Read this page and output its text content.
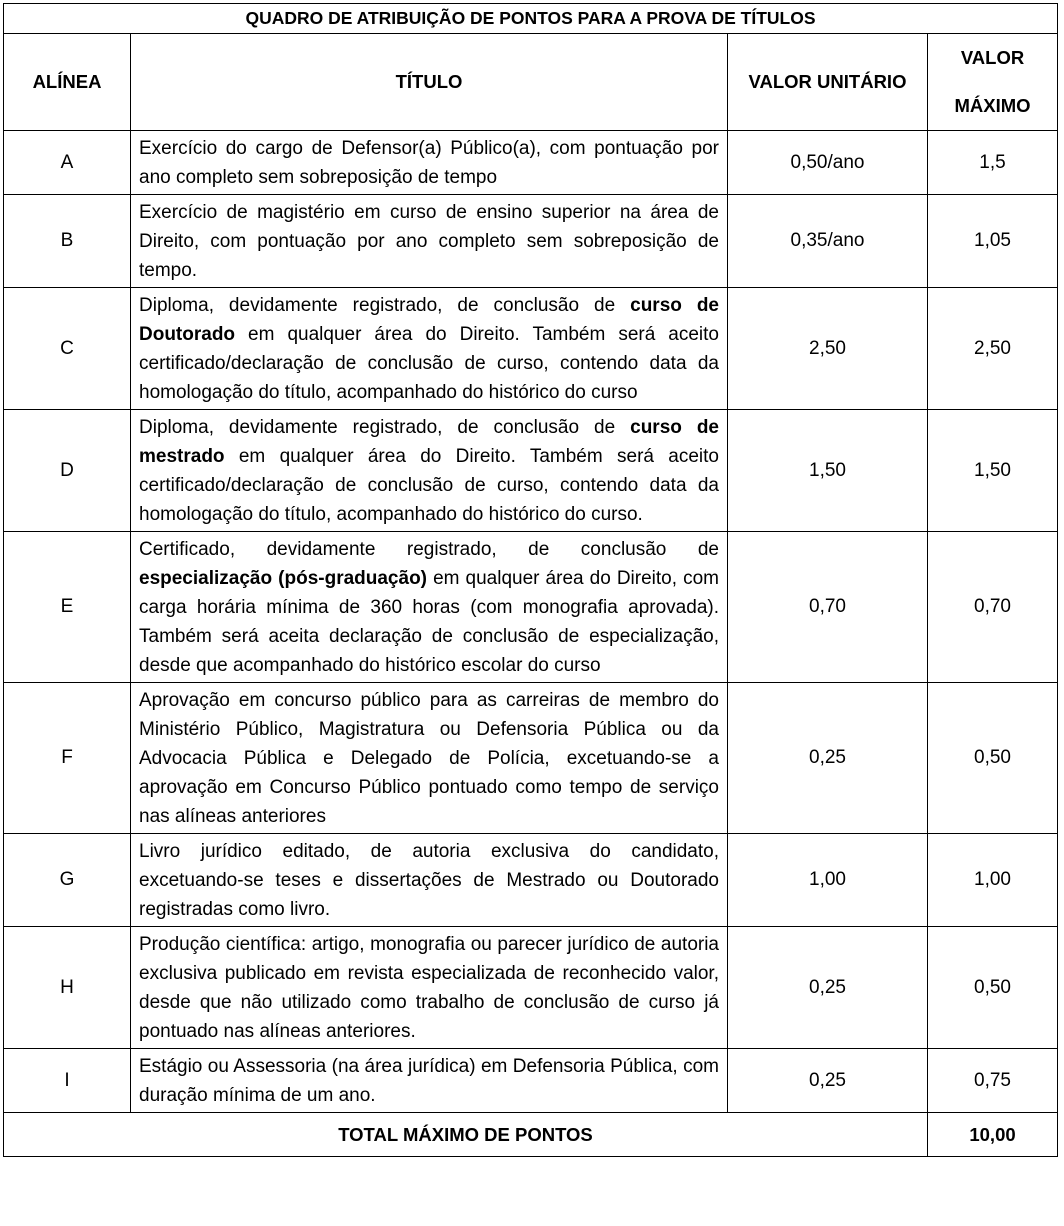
QUADRO DE ATRIBUIÇÃO DE PONTOS PARA A PROVA DE TÍTULOS			
ALÍNEA	TÍTULO	VALOR UNITÁRIO	VALOR
MÁXIMO
A	Exercício do cargo de Defensor(a) Público(a), com pontuação por ano completo sem sobreposição de tempo	0,50/ano	1,5
B	Exercício de magistério em curso de ensino superior na área de Direito, com pontuação por ano completo sem sobreposição de tempo.	0,35/ano	1,05
C	Diploma, devidamente registrado, de conclusão de curso de Doutorado em qualquer área do Direito. Também será aceito certificado/declaração de conclusão de curso, contendo data da homologação do título, acompanhado do histórico do curso	2,50	2,50
D	Diploma, devidamente registrado, de conclusão de curso de mestrado em qualquer área do Direito. Também será aceito certificado/declaração de conclusão de curso, contendo data da homologação do título, acompanhado do histórico do curso.	1,50	1,50
E	Certificado, devidamente registrado, de conclusão de especialização (pós-graduação) em qualquer área do Direito, com carga horária mínima de 360 horas (com monografia aprovada). Também será aceita declaração de conclusão de especialização, desde que acompanhado do histórico escolar do curso	0,70	0,70
F	Aprovação em concurso público para as carreiras de membro do Ministério Público, Magistratura ou Defensoria Pública ou da Advocacia Pública e Delegado de Polícia, excetuando-se a aprovação em Concurso Público pontuado como tempo de serviço nas alíneas anteriores	0,25	0,50
G	Livro jurídico editado, de autoria exclusiva do candidato, excetuando-se teses e dissertações de Mestrado ou Doutorado registradas como livro.	1,00	1,00
H	Produção científica: artigo, monografia ou parecer jurídico de autoria exclusiva publicado em revista especializada de reconhecido valor, desde que não utilizado como trabalho de conclusão de curso já pontuado nas alíneas anteriores.	0,25	0,50
I	Estágio ou Assessoria (na área jurídica) em Defensoria Pública, com duração mínima de um ano.	0,25	0,75
TOTAL MÁXIMO DE PONTOS			10,00
